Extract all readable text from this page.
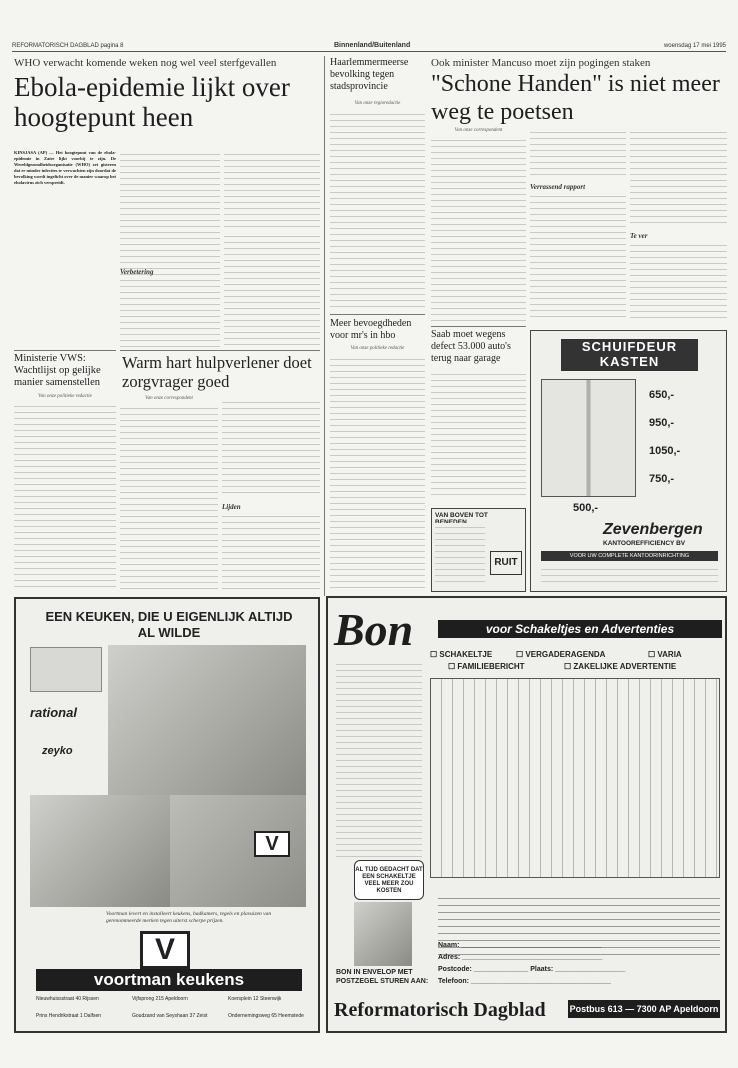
REFORMATORISCH DAGBLAD pagina 8	Binnenland/Buitenland	woensdag 17 mei 1995
WHO verwacht komende weken nog wel veel sterfgevallen
Ebola-epidemie lijkt over hoogtepunt heen

KINSJASA (AP) — Het hoogtepunt van de ebola-epidemie in Zaïre lijkt voorbij te zijn. De Wereldgezondheidsorganisatie (WHO) zei gisteren dat er minder infecties te verwachten zijn doordat de bevolking wordt ingelicht over de manier waarop het ebolavirus zich verspreidt.

Verbetering
Ministerie VWS: Wachtlijst op gelijke manier samenstellen
Van onze politieke redactie
Warm hart hulpverlener doet zorgvrager goed
Van onze correspondent
Lijden
Haarlemmermeerse bevolking tegen stadsprovincie
Van onze regioredactie
Meer bevoegdheden voor mr's in hbo
Van onze politieke redactie
Ook minister Mancuso moet zijn pogingen staken
"Schone Handen" is niet meer weg te poetsen
Van onze correspondent
Verrassend rapport
Te ver
Saab moet wegens defect 53.000 auto's terug naar garage
VAN BOVEN TOT
RUIT
SCHUIFDEUR KASTEN
650,-
950,-
1050,-
750,-
500,-
Zevenbergen
KANTOOREFFICIENCY BV
VOOR UW COMPLETE KANTOORINRICHTING
EEN KEUKEN, DIE U EIGENLIJK ALTIJD AL WILDE
rational
zeyko
V
Voortman levert en installeert keukens, badkamers, tegels en plavuizen van gerenommeerde merken tegen uiterst scherpe prijzen.
V
voortman keukens
Nieuwhuissstraat 40 Rijssen	Vijfsprong 215 Apeldoorn	Koersplein 12 Steenwijk
Prins Hendrikstraat 1 Dalfsen	Goudzand van Seyshaan 37 Zeist	Ondernemingsweg 65 Heemstede
Bon	voor Schakeltjes en Advertenties
☐ SCHAKELTJE	☐ VERGADERAGENDA	☐ VARIA
☐ FAMILIEBERICHT	☐ ZAKELIJKE ADVERTENTIE
AL TIJD GEDACHT DAT EEN SCHAKELTJE VEEL MEER ZOU KOSTEN
BON IN ENVELOP MET POSTZEGEL STUREN AAN:
Naam: ____________________________________
Adres: ____________________________________
Postcode: ______________ Plaats: __________________
Telefoon: ____________________________________
Reformatorisch Dagblad	Postbus 613 — 7300 AP Apeldoorn
